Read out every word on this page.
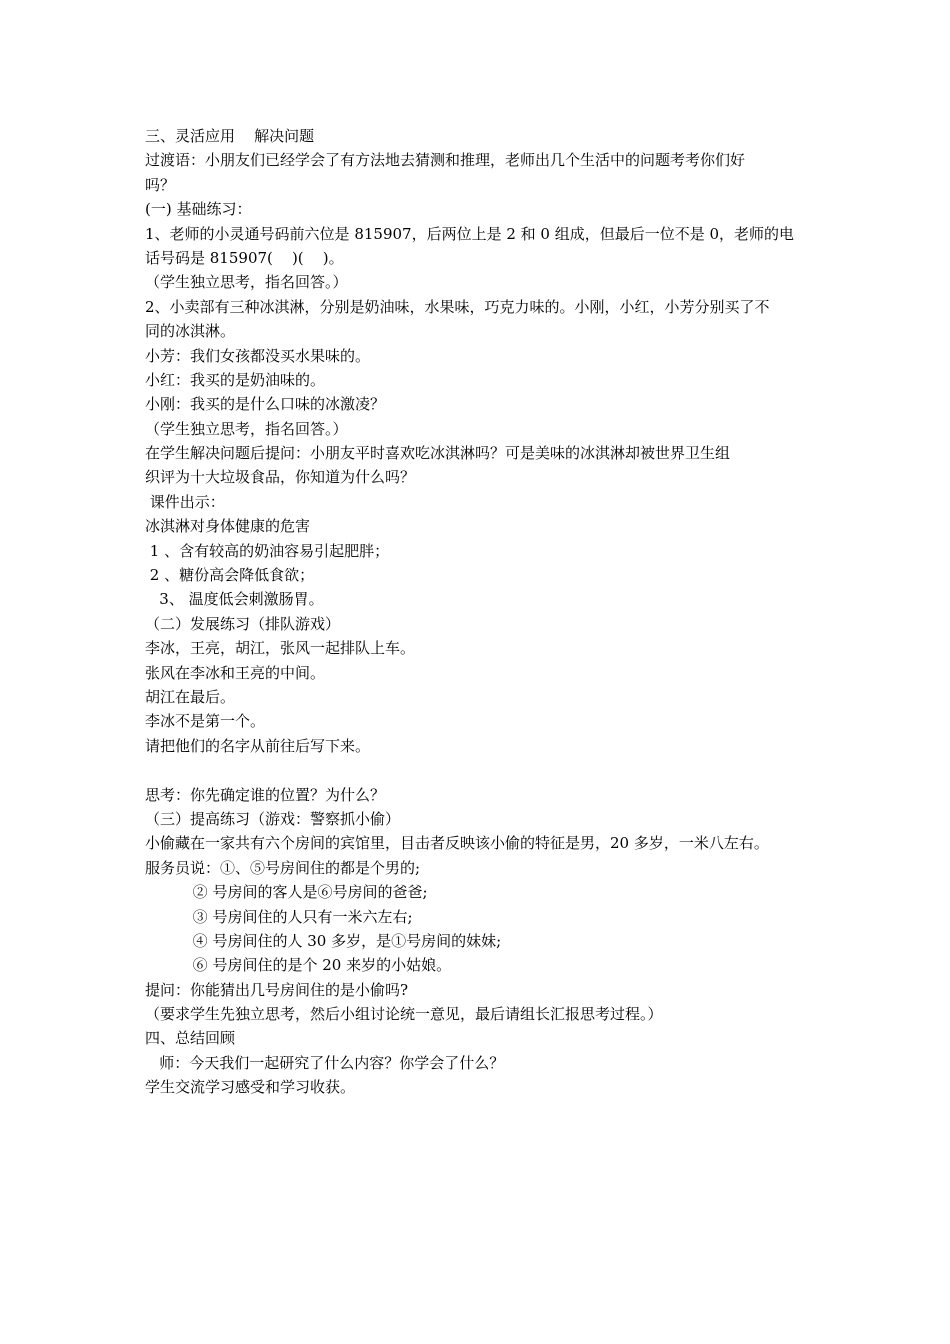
三、灵活应用    解决问题

过渡语：小朋友们已经学会了有方法地去猜测和推理，老师出几个生活中的问题考考你们好

吗？

(一) 基础练习：

1、老师的小灵通号码前六位是 815907，后两位上是 2 和 0 组成，但最后一位不是 0，老师的电

话号码是 815907(    )(    )。

（学生独立思考，指名回答。）

2、小卖部有三种冰淇淋，分别是奶油味，水果味，巧克力味的。小刚，小红，小芳分别买了不

同的冰淇淋。

小芳：我们女孩都没买水果味的。

小红：我买的是奶油味的。

小刚：我买的是什么口味的冰激凌？

（学生独立思考，指名回答。）

在学生解决问题后提问：小朋友平时喜欢吃冰淇淋吗？可是美味的冰淇淋却被世界卫生组

织评为十大垃圾食品，你知道为什么吗？

课件出示：

冰淇淋对身体健康的危害

1 、含有较高的奶油容易引起肥胖；

2 、糖份高会降低食欲；

3、 温度低会刺激肠胃。

（二）发展练习（排队游戏）

李冰，王亮，胡江，张风一起排队上车。

张风在李冰和王亮的中间。

胡江在最后。

李冰不是第一个。

请把他们的名字从前往后写下来。

思考：你先确定谁的位置？为什么？

（三）提高练习（游戏：警察抓小偷）

小偷藏在一家共有六个房间的宾馆里，目击者反映该小偷的特征是男，20 多岁，一米八左右。

服务员说：①、⑤号房间住的都是个男的;

② 号房间的客人是⑥号房间的爸爸;

③ 号房间住的人只有一米六左右;

④ 号房间住的人 30 多岁，是①号房间的妹妹;

⑥ 号房间住的是个 20 来岁的小姑娘。

提问：你能猜出几号房间住的是小偷吗?

（要求学生先独立思考，然后小组讨论统一意见，最后请组长汇报思考过程。）

四、总结回顾

师：今天我们一起研究了什么内容？你学会了什么？

学生交流学习感受和学习收获。
